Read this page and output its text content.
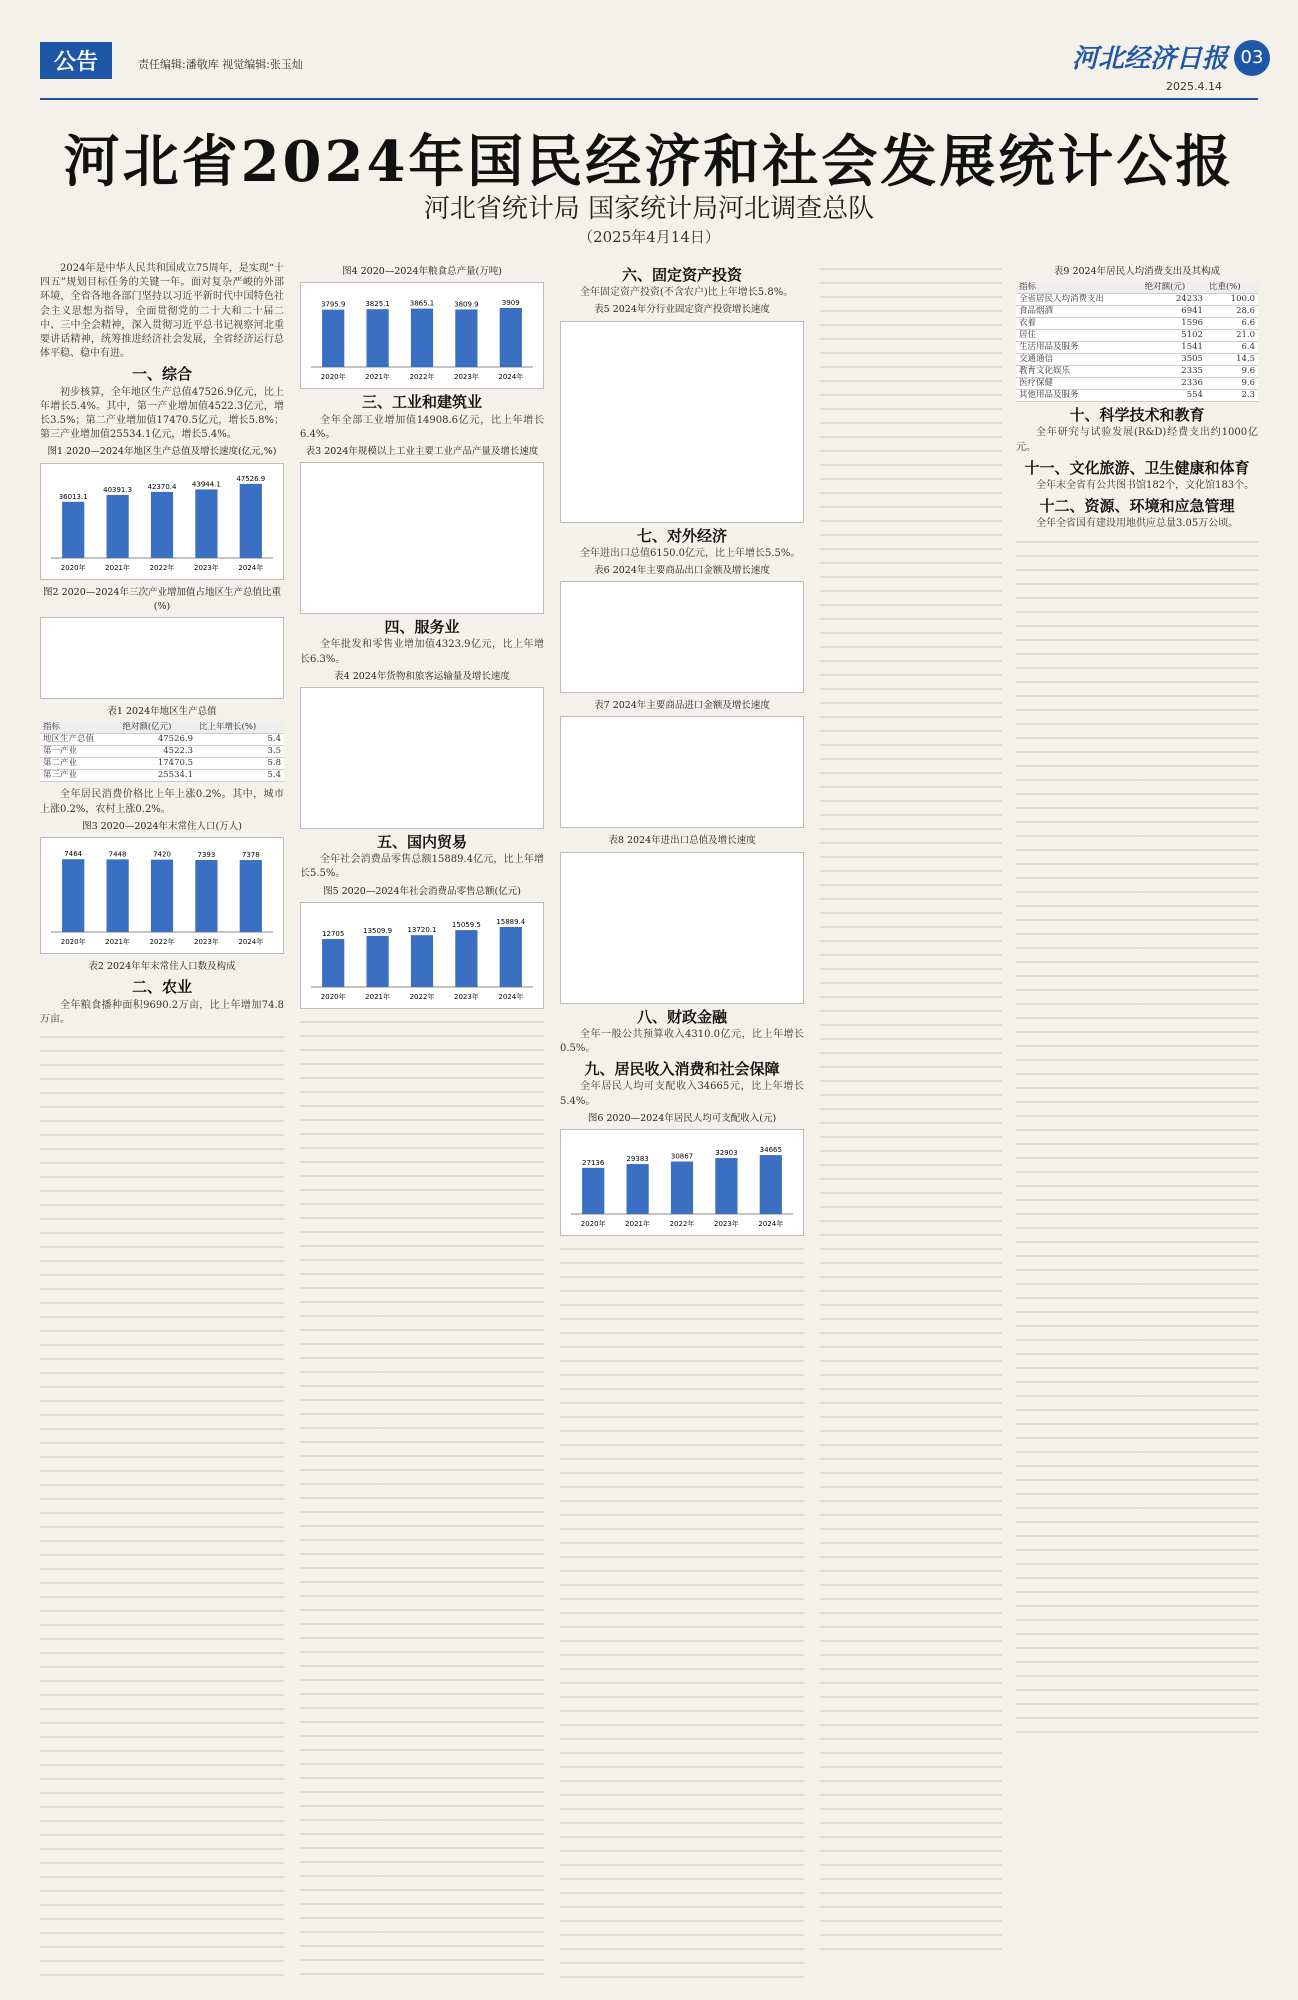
公告	责任编辑:潘敬库 视觉编辑:张玉灿	河北经济日报 03
2025.4.14
河北省2024年国民经济和社会发展统计公报
河北省统计局 国家统计局河北调查总队
（2025年4月14日）

2024年是中华人民共和国成立75周年，是实现“十四五”规划目标任务的关键一年。面对复杂严峻的外部环境，全省各地各部门坚持以习近平新时代中国特色社会主义思想为指导，全面贯彻党的二十大和二十届二中、三中全会精神，深入贯彻习近平总书记视察河北重要讲话精神，统筹推进经济社会发展，全省经济运行总体平稳、稳中有进。

一、综合

初步核算，全年地区生产总值47526.9亿元，比上年增长5.4%。其中，第一产业增加值4522.3亿元，增长3.5%；第二产业增加值17470.5亿元，增长5.8%；第三产业增加值25534.1亿元，增长5.4%。

图1 2020—2024年地区生产总值及增长速度(亿元,%)
36013.1
2020年
40391.3
2021年
42370.4
2022年
43944.1
2023年
47526.9
2024年
图2 2020—2024年三次产业增加值占地区生产总值比重(%)
表1 2024年地区生产总值
指标	绝对额(亿元)	比上年增长(%)
地区生产总值	47526.9	5.4
第一产业	4522.3	3.5
第二产业	17470.5	5.8
第三产业	25534.1	5.4

全年居民消费价格比上年上涨0.2%。其中，城市上涨0.2%，农村上涨0.2%。

图3 2020—2024年末常住人口(万人)
7464
2020年
7448
2021年
7420
2022年
7393
2023年
7378
2024年
表2 2024年年末常住人口数及构成
二、农业

全年粮食播种面积9690.2万亩，比上年增加74.8万亩。

图4 2020—2024年粮食总产量(万吨)
3795.9
2020年
3825.1
2021年
3865.1
2022年
3809.9
2023年
3909
2024年
三、工业和建筑业

全年全部工业增加值14908.6亿元，比上年增长6.4%。

表3 2024年规模以上工业主要工业产品产量及增长速度
四、服务业

全年批发和零售业增加值4323.9亿元，比上年增长6.3%。

表4 2024年货物和旅客运输量及增长速度
五、国内贸易

全年社会消费品零售总额15889.4亿元，比上年增长5.5%。

图5 2020—2024年社会消费品零售总额(亿元)
12705
2020年
13509.9
2021年
13720.1
2022年
15059.5
2023年
15889.4
2024年
六、固定资产投资

全年固定资产投资(不含农户)比上年增长5.8%。

表5 2024年分行业固定资产投资增长速度
七、对外经济

全年进出口总值6150.0亿元，比上年增长5.5%。

表6 2024年主要商品出口金额及增长速度
表7 2024年主要商品进口金额及增长速度
表8 2024年进出口总值及增长速度
八、财政金融

全年一般公共预算收入4310.0亿元，比上年增长0.5%。

九、居民收入消费和社会保障

全年居民人均可支配收入34665元，比上年增长5.4%。

图6 2020—2024年居民人均可支配收入(元)
27136
2020年
29383
2021年
30867
2022年
32903
2023年
34665
2024年
表9 2024年居民人均消费支出及其构成
指标	绝对额(元)	比重(%)
全省居民人均消费支出	24233	100.0
食品烟酒	6941	28.6
衣着	1596	6.6
居住	5102	21.0
生活用品及服务	1541	6.4
交通通信	3505	14.5
教育文化娱乐	2335	9.6
医疗保健	2336	9.6
其他用品及服务	554	2.3
十、科学技术和教育

全年研究与试验发展(R&D)经费支出约1000亿元。

十一、文化旅游、卫生健康和体育

全年末全省有公共图书馆182个，文化馆183个。

十二、资源、环境和应急管理

全年全省国有建设用地供应总量3.05万公顷。
